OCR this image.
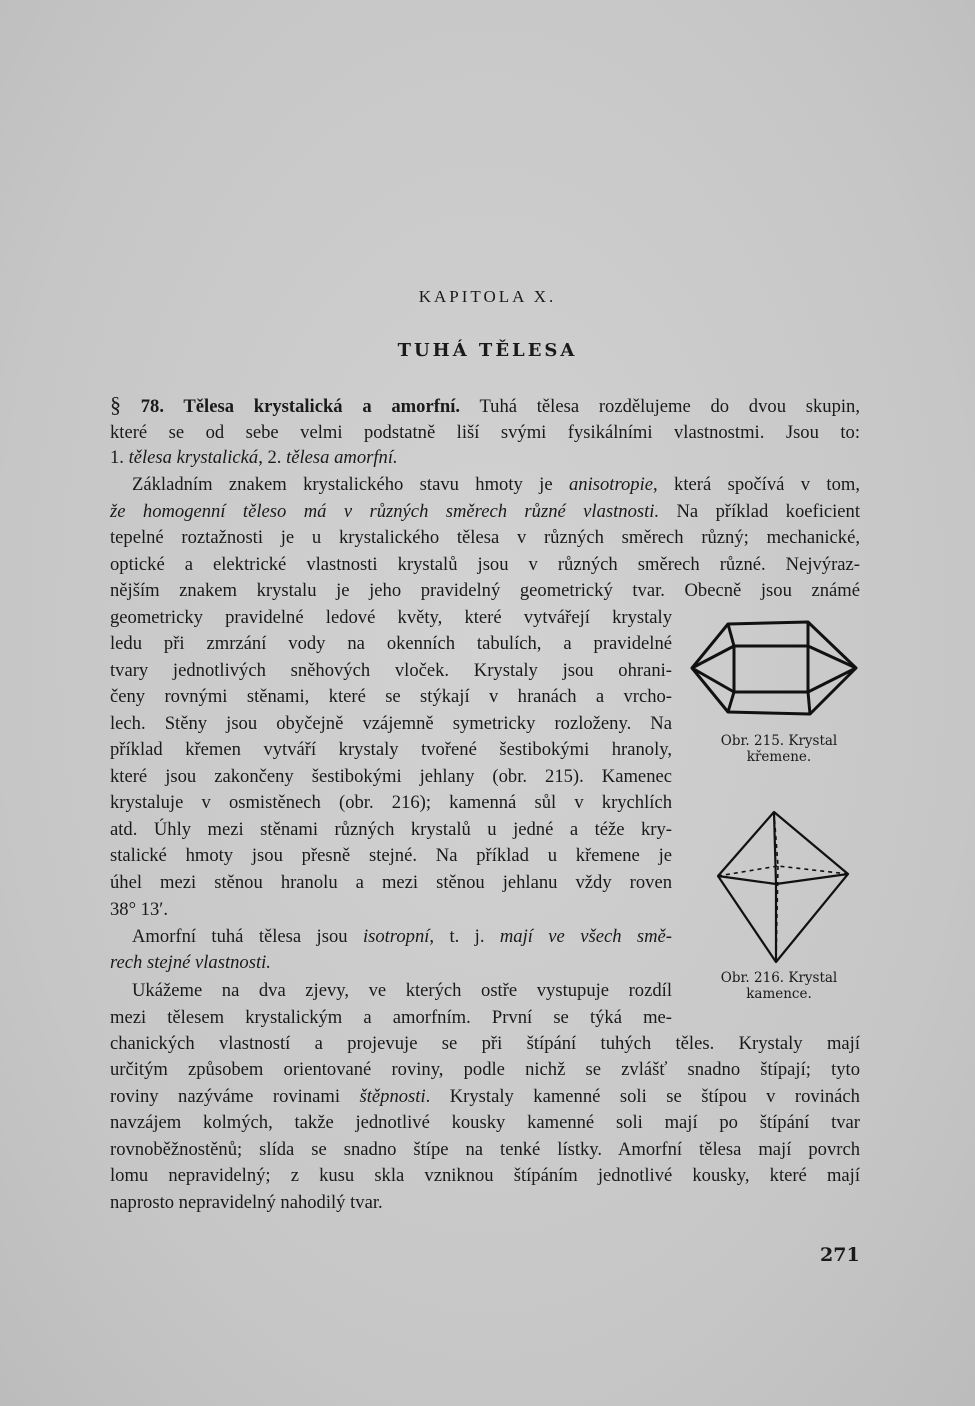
KAPITOLA X.
TUHÁ TĚLESA
§ 78. Tělesa krystalická a amorfní. Tuhá tělesa rozdělujeme do dvou skupin,
které se od sebe velmi podstatně liší svými fysikálními vlastnostmi. Jsou to:
1. tělesa krystalická, 2. tělesa amorfní.
Základním znakem krystalického stavu hmoty je anisotropie, která spočívá v tom,
že homogenní těleso má v různých směrech různé vlastnosti. Na příklad koeficient
tepelné roztažnosti je u krystalického tělesa v různých směrech různý; mechanické,
optické a elektrické vlastnosti krystalů jsou v různých směrech různé. Nejvýraz-
nějším znakem krystalu je jeho pravidelný geometrický tvar. Obecně jsou známé
geometricky pravidelné ledové květy, které vytvářejí krystaly
ledu při zmrzání vody na okenních tabulích, a pravidelné
tvary jednotlivých sněhových vloček. Krystaly jsou ohrani-
čeny rovnými stěnami, které se stýkají v hranách a vrcho-
lech. Stěny jsou obyčejně vzájemně symetricky rozloženy. Na
příklad křemen vytváří krystaly tvořené šestibokými hranoly,
které jsou zakončeny šestibokými jehlany (obr. 215). Kamenec
krystaluje v osmistěnech (obr. 216); kamenná sůl v krychlích
atd. Úhly mezi stěnami různých krystalů u jedné a téže kry-
stalické hmoty jsou přesně stejné. Na příklad u křemene je
úhel mezi stěnou hranolu a mezi stěnou jehlanu vždy roven
38° 13′.
Amorfní tuhá tělesa jsou isotropní, t. j. mají ve všech smě-
rech stejné vlastnosti.
Ukážeme na dva zjevy, ve kterých ostře vystupuje rozdíl
mezi tělesem krystalickým a amorfním. První se týká me-
chanických vlastností a projevuje se při štípání tuhých těles. Krystaly mají
určitým způsobem orientované roviny, podle nichž se zvlášť snadno štípají; tyto
roviny nazýváme rovinami štěpnosti. Krystaly kamenné soli se štípou v rovinách
navzájem kolmých, takže jednotlivé kousky kamenné soli mají po štípání tvar
rovnoběžnostěnů; slída se snadno štípe na tenké lístky. Amorfní tělesa mají povrch
lomu nepravidelný; z kusu skla vzniknou štípáním jednotlivé kousky, které mají
naprosto nepravidelný nahodilý tvar.
Obr. 215. Krystal
křemene.
Obr. 216. Krystal
kamence.
271
